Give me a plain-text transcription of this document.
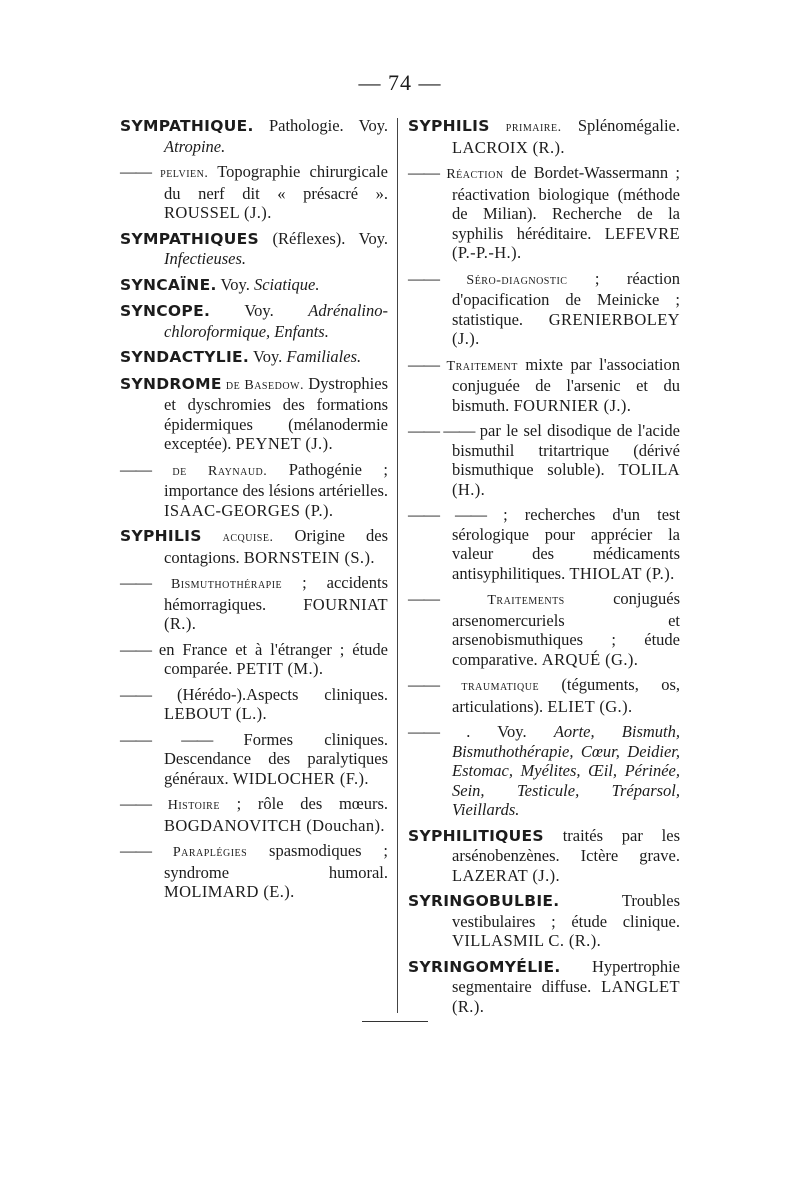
— 74 —
SYMPATHIQUE. Pathologie. Voy. Atropine.
—— pelvien. Topographie chirurgicale du nerf dit « présacré ». ROUSSEL (J.).
SYMPATHIQUES (Réflexes). Voy. Infectieuses.
SYNCAÏNE. Voy. Sciatique.
SYNCOPE. Voy. Adrénalino-chloroformique, Enfants.
SYNDACTYLIE. Voy. Familiales.
SYNDROME de Basedow. Dystrophies et dyschromies des formations épidermiques (mélanodermie exceptée). PEYNET (J.).
—— de Raynaud. Pathogénie ; importance des lésions artérielles. ISAAC-GEORGES (P.).
SYPHILIS acquise. Origine des contagions. BORNSTEIN (S.).
—— Bismuthothérapie ; accidents hémorragiques. FOURNIAT (R.).
—— en France et à l'étranger ; étude comparée. PETIT (M.).
—— (Hérédo-).Aspects cliniques. LEBOUT (L.).
—— —— Formes cliniques. Descendance des paralytiques généraux. WIDLOCHER (F.).
—— Histoire ; rôle des mœurs. BOGDANOVITCH (Douchan).
—— Paraplégies spasmodiques ; syndrome humoral. MOLIMARD (E.).
SYPHILIS primaire. Splénomégalie. LACROIX (R.).
—— Réaction de Bordet-Wassermann ; réactivation biologique (méthode de Milian). Recherche de la syphilis héréditaire. LEFEVRE (P.-P.-H.).
—— Séro-diagnostic ; réaction d'opacification de Meinicke ; statistique. GRENIERBOLEY (J.).
—— Traitement mixte par l'association conjuguée de l'arsenic et du bismuth. FOURNIER (J.).
—— —— par le sel disodique de l'acide bismuthil tritartrique (dérivé bismuthique soluble). TOLILA (H.).
—— —— ; recherches d'un test sérologique pour apprécier la valeur des médicaments antisyphilitiques. THIOLAT (P.).
——	Traitements conjugués arsenomercuriels et arsenobismuthiques ; étude comparative. ARQUÉ (G.).
—— traumatique (téguments, os, articulations). ELIET (G.).
—— . Voy. Aorte, Bismuth, Bismuthothérapie, Cœur, Deidier, Estomac, Myélites, Œil, Périnée, Sein, Testicule, Tréparsol, Vieillards.
SYPHILITIQUES traités par les arsénobenzènes. Ictère grave. LAZERAT (J.).
SYRINGOBULBIE. Troubles vestibulaires ; étude clinique. VILLASMIL C. (R.).
SYRINGOMYÉLIE. Hypertrophie segmentaire diffuse. LANGLET (R.).
